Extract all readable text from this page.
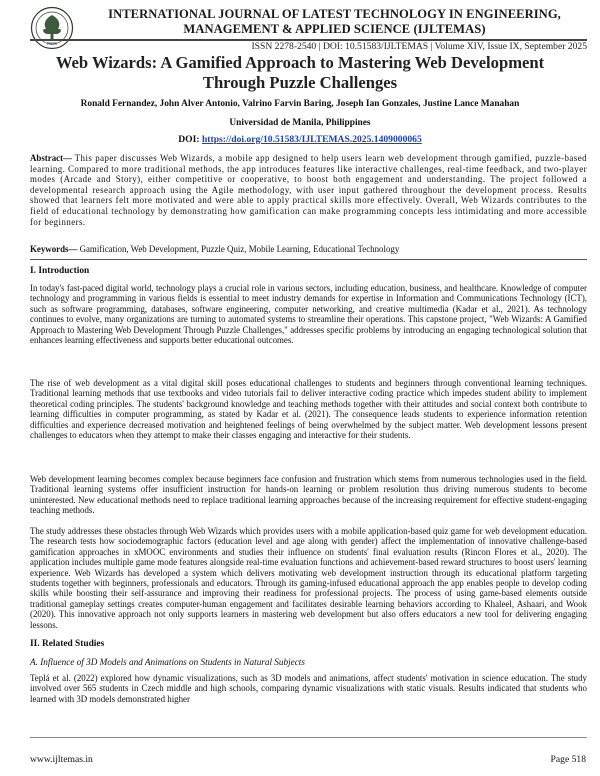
RSIS
INTERNATIONAL JOURNAL OF LATEST TECHNOLOGY IN ENGINEERING, MANAGEMENT & APPLIED SCIENCE (IJLTEMAS)
ISSN 2278-2540 | DOI: 10.51583/IJLTEMAS | Volume XIV, Issue IX, September 2025
Web Wizards: A Gamified Approach to Mastering Web Development Through Puzzle Challenges
Ronald Fernandez, John Alver Antonio, Valrino Farvin Baring, Joseph Ian Gonzales, Justine Lance Manahan
Universidad de Manila, Philippines
DOI: https://doi.org/10.51583/IJLTEMAS.2025.1409000065
Abstract— This paper discusses Web Wizards, a mobile app designed to help users learn web development through gamified, puzzle-based learning. Compared to more traditional methods, the app introduces features like interactive challenges, real-time feedback, and two-player modes (Arcade and Story), either competitive or cooperative, to boost both engagement and understanding. The project followed a developmental research approach using the Agile methodology, with user input gathered throughout the development process. Results showed that learners felt more motivated and were able to apply practical skills more effectively. Overall, Web Wizards contributes to the field of educational technology by demonstrating how gamification can make programming concepts less intimidating and more accessible for beginners.
Keywords— Gamification, Web Development, Puzzle Quiz, Mobile Learning, Educational Technology
I. Introduction
In today's fast-paced digital world, technology plays a crucial role in various sectors, including education, business, and healthcare. Knowledge of computer technology and programming in various fields is essential to meet industry demands for expertise in Information and Communications Technology (ICT), such as software programming, databases, software engineering, computer networking, and creative multimedia (Kadar et al., 2021). As technology continues to evolve, many organizations are turning to automated systems to streamline their operations. This capstone project, "Web Wizards: A Gamified Approach to Mastering Web Development Through Puzzle Challenges," addresses specific problems by introducing an engaging technological solution that enhances learning effectiveness and supports better educational outcomes.
The rise of web development as a vital digital skill poses educational challenges to students and beginners through conventional learning techniques. Traditional learning methods that use textbooks and video tutorials fail to deliver interactive coding practice which impedes student ability to implement theoretical coding principles. The students' background knowledge and teaching methods together with their attitudes and social context both contribute to learning difficulties in computer programming, as stated by Kadar et al. (2021). The consequence leads students to experience information retention difficulties and experience decreased motivation and heightened feelings of being overwhelmed by the subject matter. Web development lessons present challenges to educators when they attempt to make their classes engaging and interactive for their students.
Web development learning becomes complex because beginners face confusion and frustration which stems from numerous technologies used in the field. Traditional learning systems offer insufficient instruction for hands-on learning or problem resolution thus driving numerous students to become uninterested. New educational methods need to replace traditional learning approaches because of the increasing requirement for effective student-engaging teaching methods.
The study addresses these obstacles through Web Wizards which provides users with a mobile application-based quiz game for web development education. The research tests how sociodemographic factors (education level and age along with gender) affect the implementation of innovative challenge-based gamification approaches in xMOOC environments and studies their influence on students' final evaluation results (Rincon Flores et al., 2020). The application includes multiple game mode features alongside real-time evaluation functions and achievement-based reward structures to boost users' learning experience. Web Wizards has developed a system which delivers motivating web development instruction through its educational platform targeting students together with beginners, professionals and educators. Through its gaming-infused educational approach the app enables people to develop coding skills while boosting their self-assurance and improving their readiness for professional projects. The process of using game-based elements outside traditional gameplay settings creates computer-human engagement and facilitates desirable learning behaviors according to Khaleel, Ashaari, and Wook (2020). This innovative approach not only supports learners in mastering web development but also offers educators a new tool for delivering engaging lessons.
II. Related Studies
A. Influence of 3D Models and Animations on Students in Natural Subjects
Teplá et al. (2022) explored how dynamic visualizations, such as 3D models and animations, affect students' motivation in science education. The study involved over 565 students in Czech middle and high schools, comparing dynamic visualizations with static visuals. Results indicated that students who learned with 3D models demonstrated higher
www.ijltemas.in	Page 518
